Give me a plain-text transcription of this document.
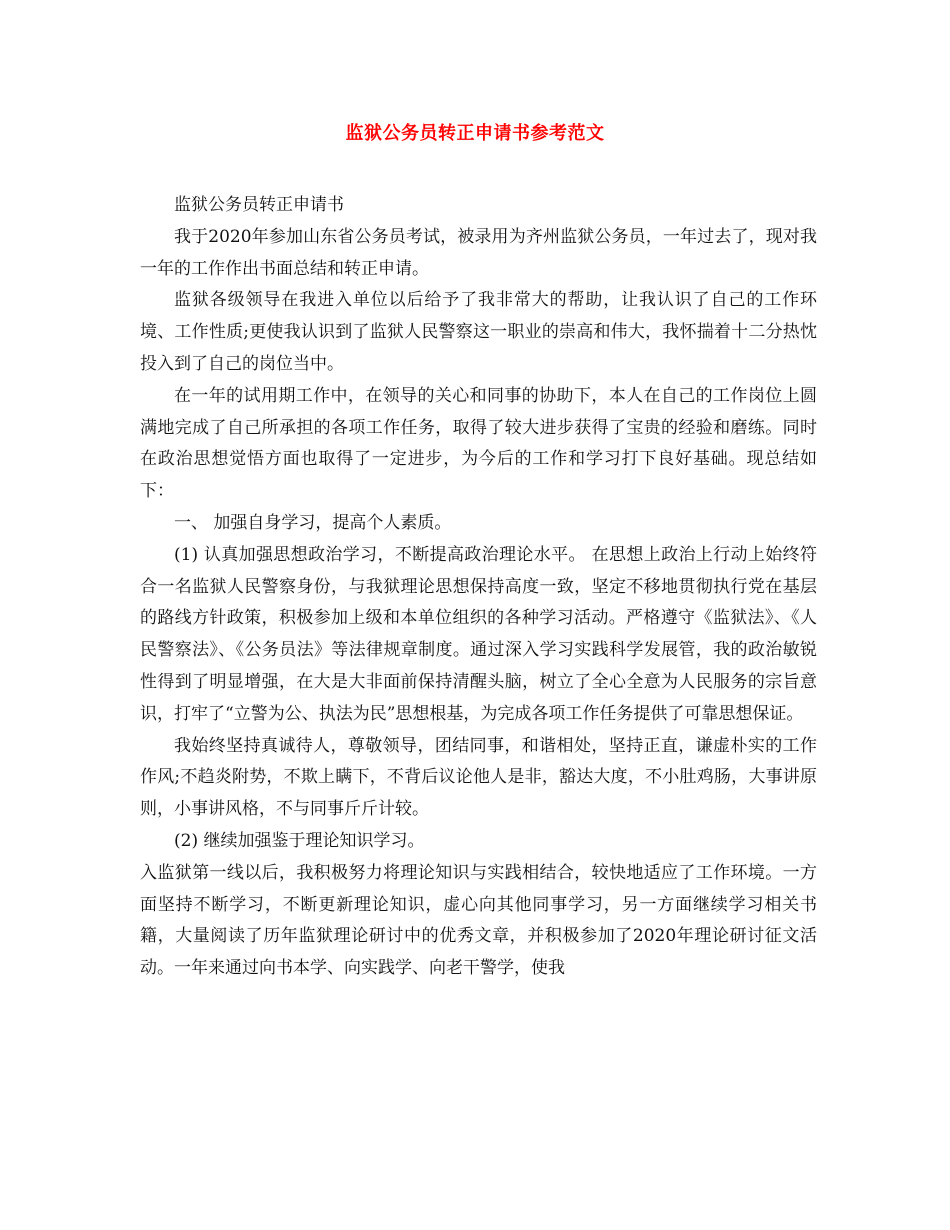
监狱公务员转正申请书参考范文

监狱公务员转正申请书

我于2020年参加山东省公务员考试，被录用为齐州监狱公务员，一年过去了，现对我一年的工作作出书面总结和转正申请。

监狱各级领导在我进入单位以后给予了我非常大的帮助，让我认识了自己的工作环境、工作性质;更使我认识到了监狱人民警察这一职业的崇高和伟大，我怀揣着十二分热忱投入到了自己的岗位当中。

在一年的试用期工作中，在领导的关心和同事的协助下，本人在自己的工作岗位上圆满地完成了自己所承担的各项工作任务，取得了较大进步获得了宝贵的经验和磨练。同时在政治思想觉悟方面也取得了一定进步，为今后的工作和学习打下良好基础。现总结如下：

一、 加强自身学习，提高个人素质。

(1) 认真加强思想政治学习，不断提高政治理论水平。 在思想上政治上行动上始终符合一名监狱人民警察身份，与我狱理论思想保持高度一致，坚定不移地贯彻执行党在基层的路线方针政策，积极参加上级和本单位组织的各种学习活动。严格遵守《监狱法》、《人民警察法》、《公务员法》等法律规章制度。通过深入学习实践科学发展管，我的政治敏锐性得到了明显增强，在大是大非面前保持清醒头脑，树立了全心全意为人民服务的宗旨意识，打牢了“立警为公、执法为民”思想根基，为完成各项工作任务提供了可靠思想保证。

我始终坚持真诚待人，尊敬领导，团结同事，和谐相处，坚持正直，谦虚朴实的工作作风;不趋炎附势，不欺上瞒下，不背后议论他人是非，豁达大度，不小肚鸡肠，大事讲原则，小事讲风格，不与同事斤斤计较。

(2) 继续加强鉴于理论知识学习。

入监狱第一线以后，我积极努力将理论知识与实践相结合，较快地适应了工作环境。一方面坚持不断学习，不断更新理论知识，虚心向其他同事学习，另一方面继续学习相关书籍，大量阅读了历年监狱理论研讨中的优秀文章，并积极参加了2020年理论研讨征文活动。一年来通过向书本学、向实践学、向老干警学，使我
